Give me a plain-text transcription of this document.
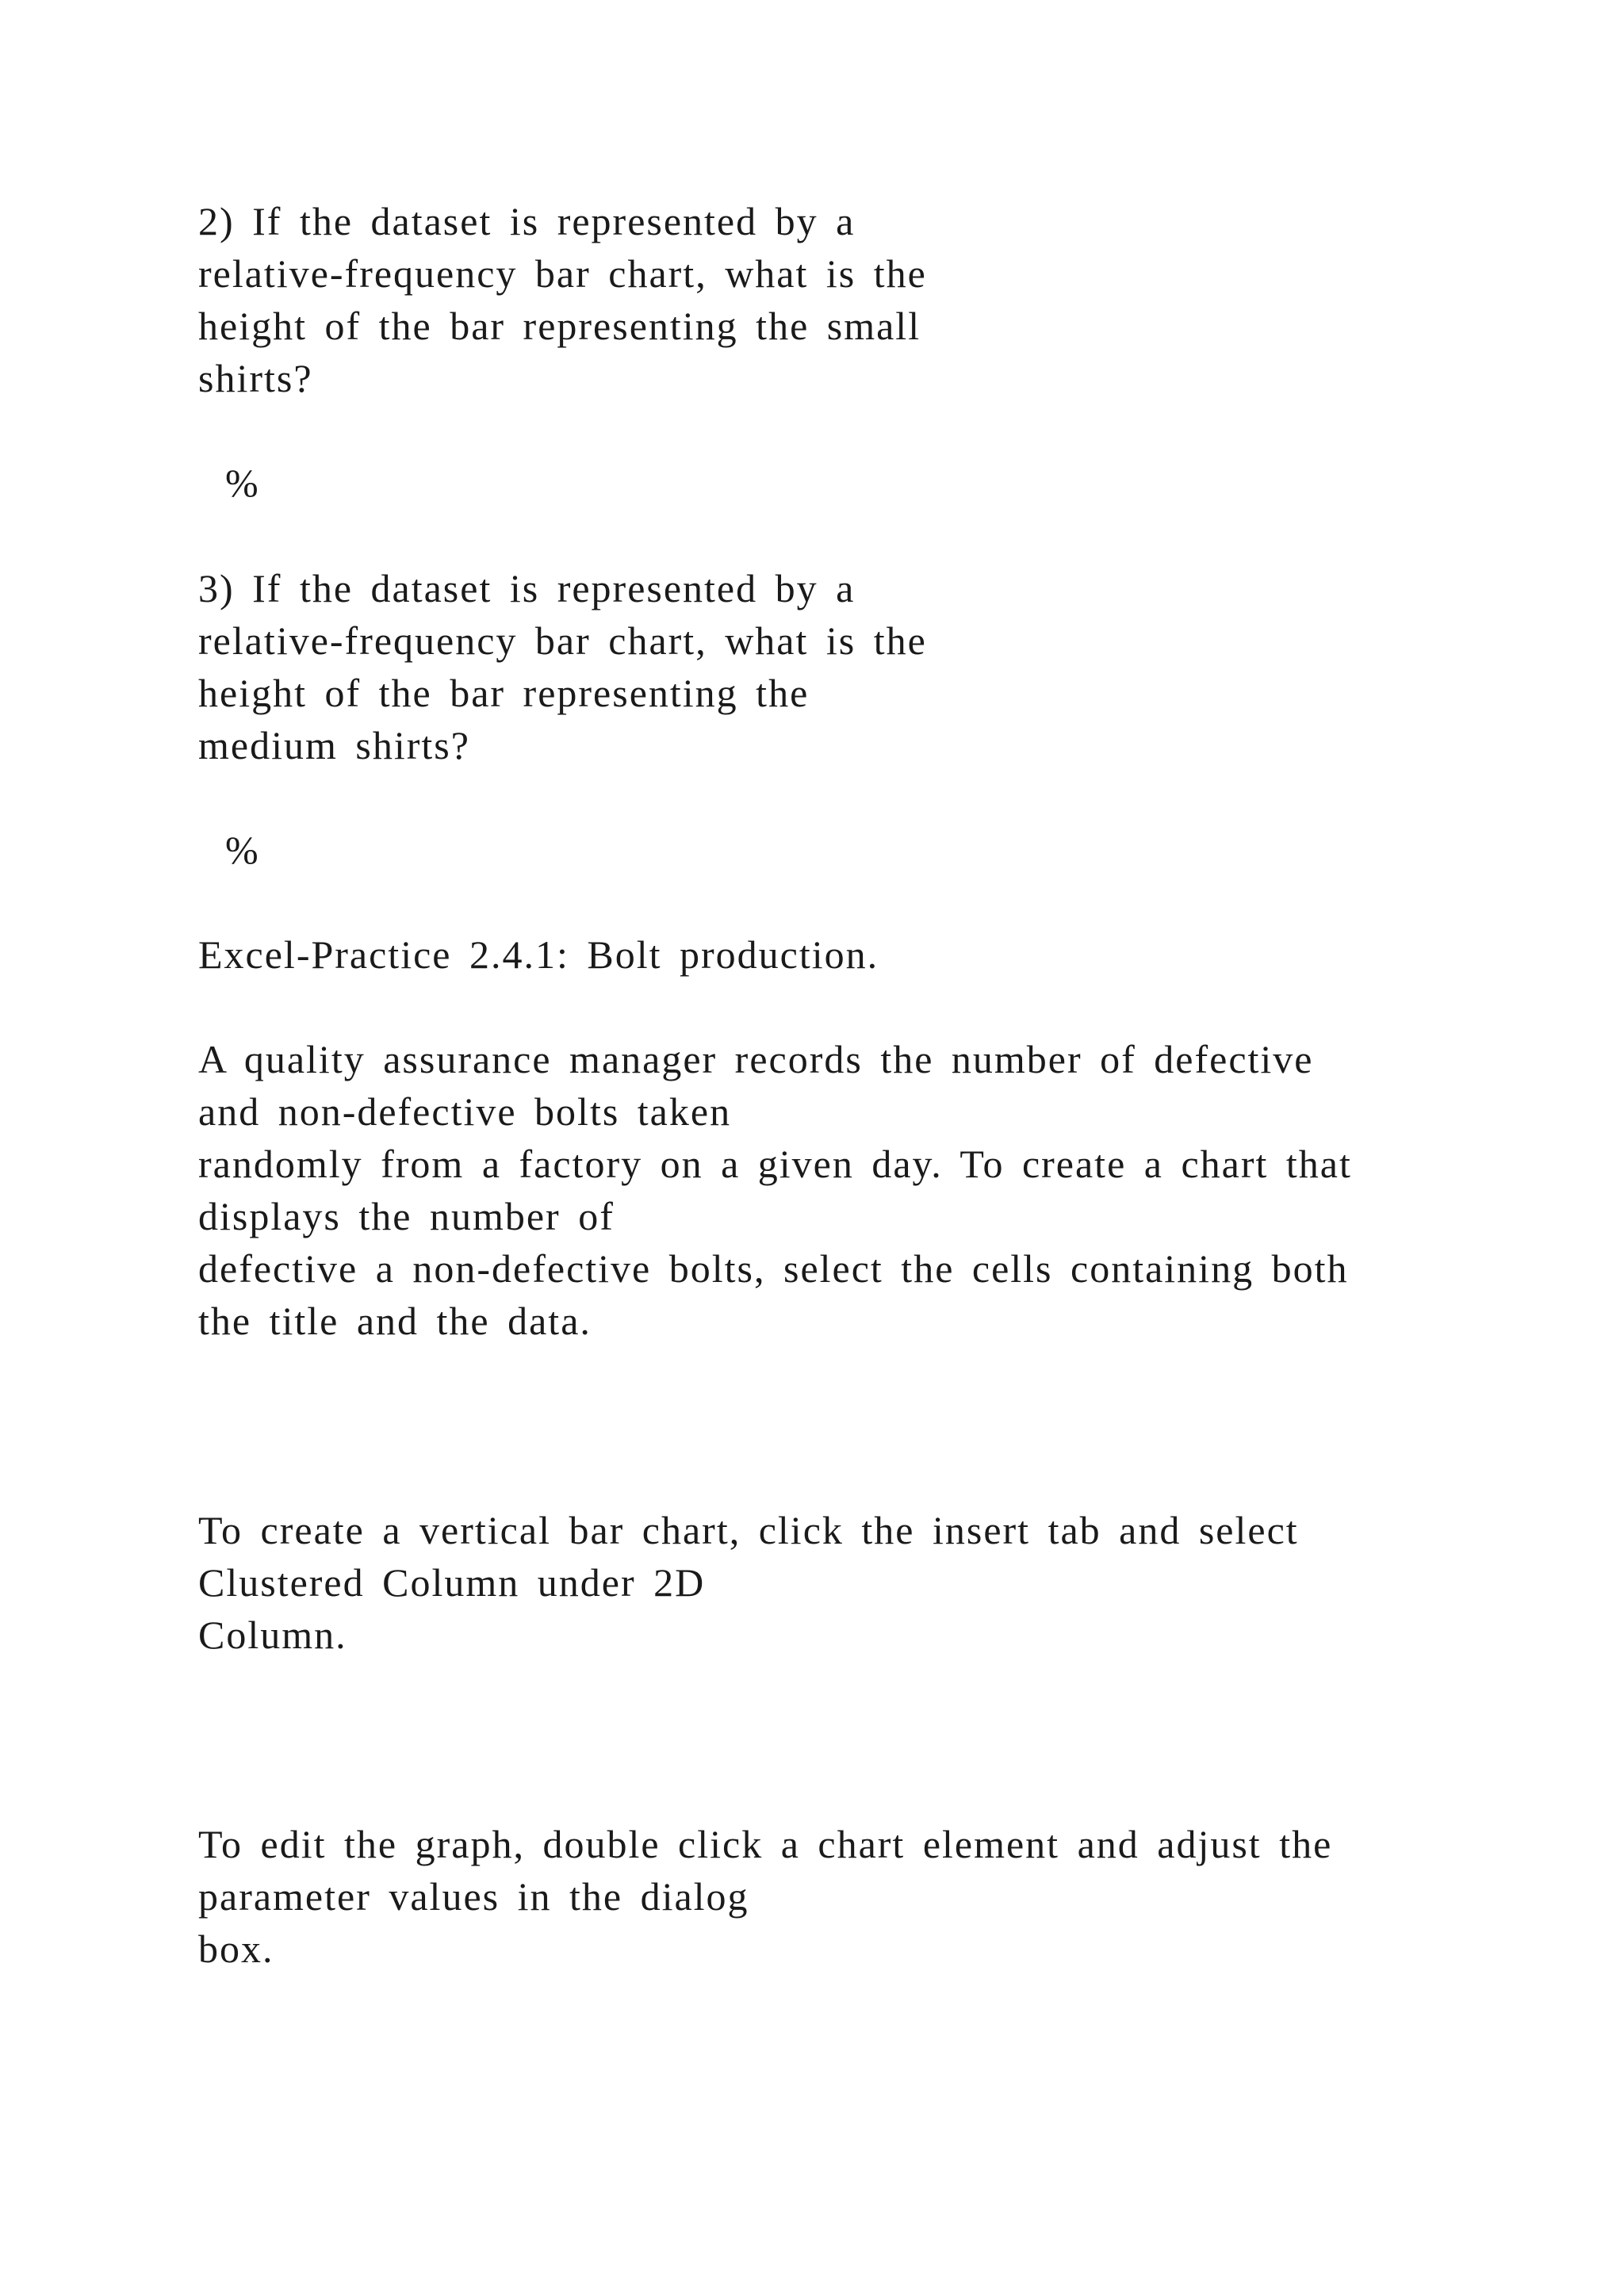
2) If the dataset is represented by a
relative-frequency bar chart, what is the
height of the bar representing the small
shirts?
%
3) If the dataset is represented by a
relative-frequency bar chart, what is the
height of the bar representing the
medium shirts?
%
Excel-Practice 2.4.1: Bolt production.
A quality assurance manager records the number of defective
and non-defective bolts taken
randomly from a factory on a given day. To create a chart that
displays the number of
defective a non-defective bolts, select the cells containing both
the title and the data.
To create a vertical bar chart, click the insert tab and select
Clustered Column under 2D
Column.
To edit the graph, double click a chart element and adjust the
parameter values in the dialog
box.
